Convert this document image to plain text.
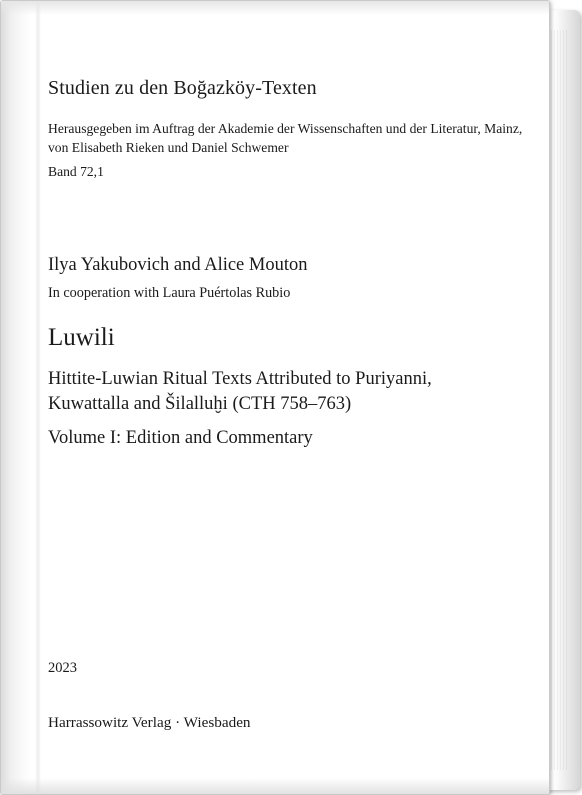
Studien zu den Boğazköy-Texten
Herausgegeben im Auftrag der Akademie der Wissenschaften und der Literatur, Mainz,
von Elisabeth Rieken und Daniel Schwemer
Band 72,1
Ilya Yakubovich and Alice Mouton
In cooperation with Laura Puértolas Rubio
Luwili
Hittite-Luwian Ritual Texts Attributed to Puriyanni,
Kuwattalla and Šilalluḫi (CTH 758–763)
Volume I: Edition and Commentary
2023
Harrassowitz Verlag · Wiesbaden
